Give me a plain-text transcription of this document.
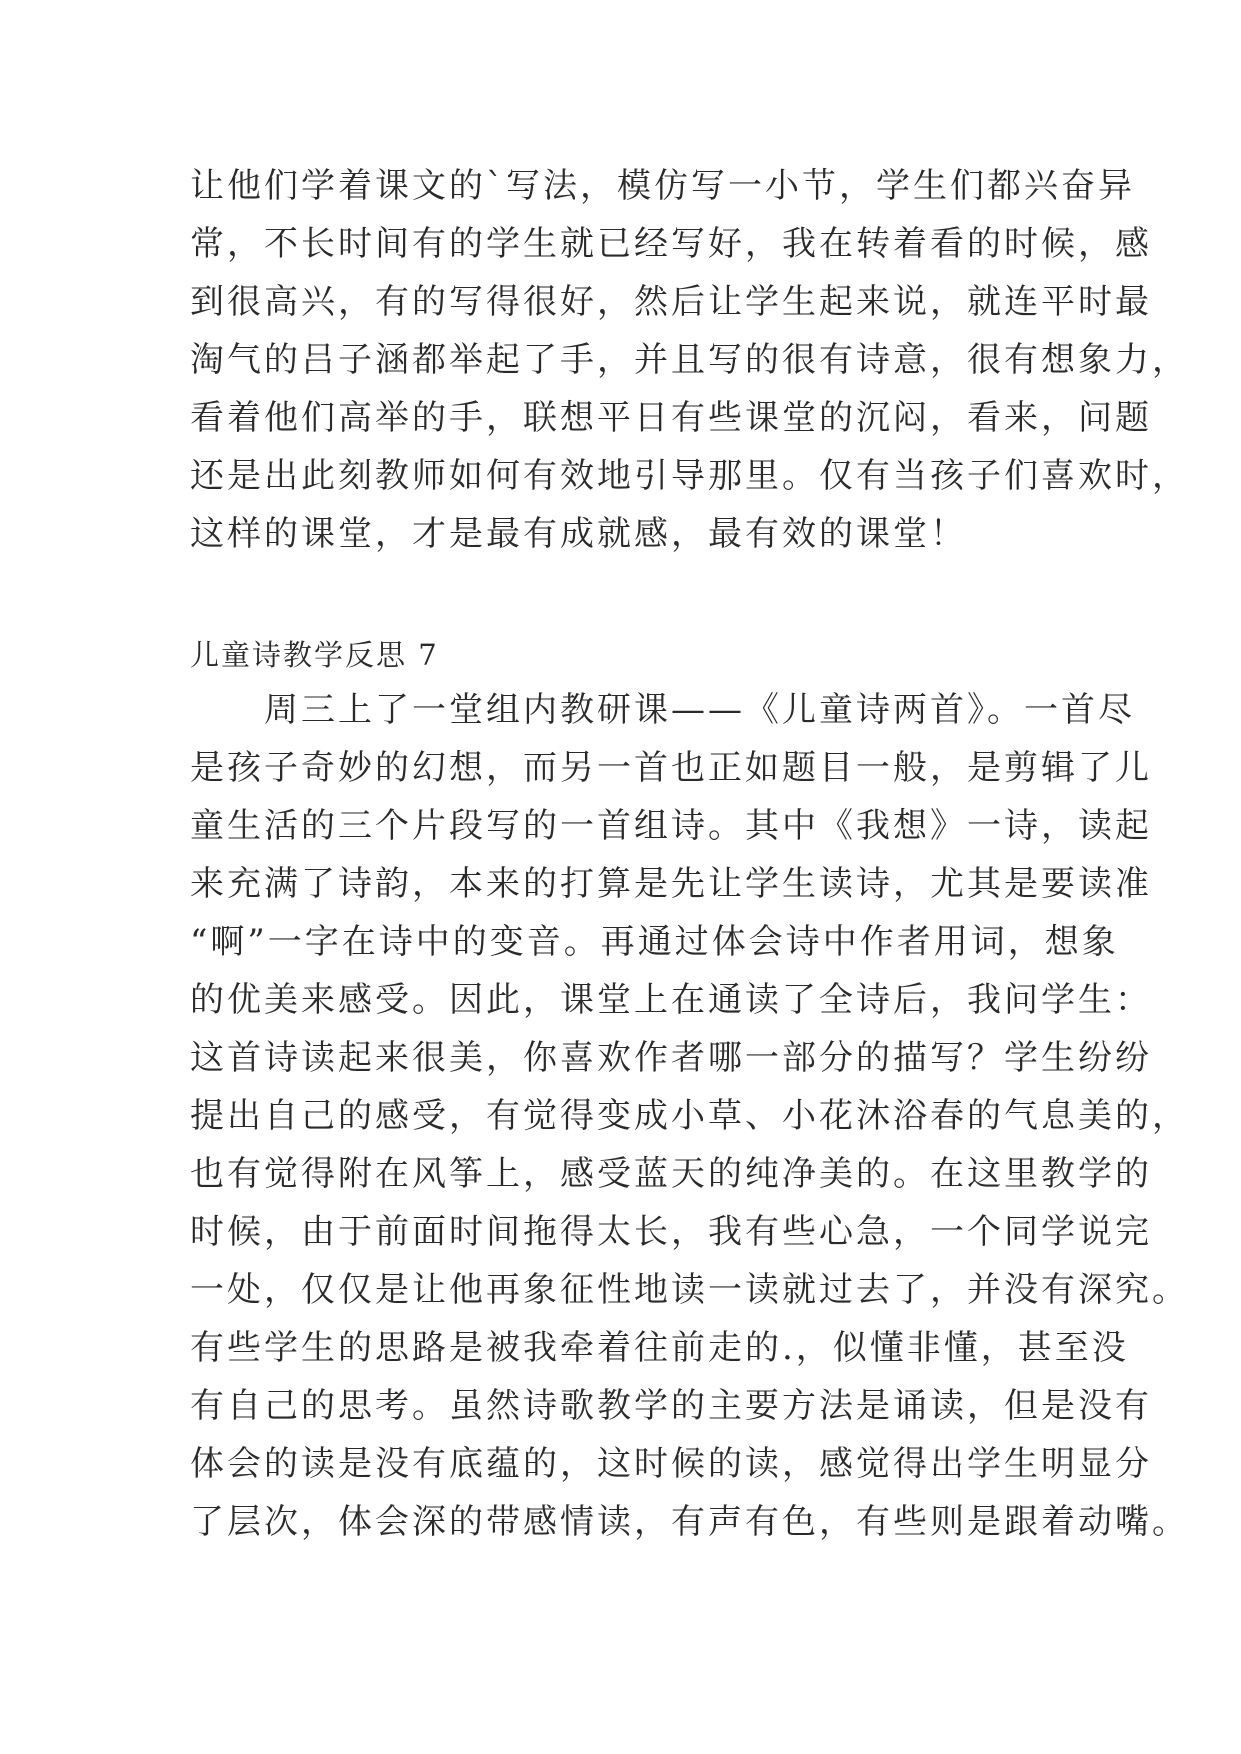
让他们学着课文的`写法，模仿写一小节，学生们都兴奋异
常，不长时间有的学生就已经写好，我在转着看的时候，感
到很高兴，有的写得很好，然后让学生起来说，就连平时最
淘气的吕子涵都举起了手，并且写的很有诗意，很有想象力，
看着他们高举的手，联想平日有些课堂的沉闷，看来，问题
还是出此刻教师如何有效地引导那里。仅有当孩子们喜欢时，
这样的课堂，才是最有成就感，最有效的课堂！
儿童诗教学反思 7
　　周三上了一堂组内教研课——《儿童诗两首》。一首尽
是孩子奇妙的幻想，而另一首也正如题目一般，是剪辑了儿
童生活的三个片段写的一首组诗。其中《我想》一诗，读起
来充满了诗韵，本来的打算是先让学生读诗，尤其是要读准
“啊”一字在诗中的变音。再通过体会诗中作者用词，想象
的优美来感受。因此，课堂上在通读了全诗后，我问学生：
这首诗读起来很美，你喜欢作者哪一部分的描写？学生纷纷
提出自己的感受，有觉得变成小草、小花沐浴春的气息美的，
也有觉得附在风筝上，感受蓝天的纯净美的。在这里教学的
时候，由于前面时间拖得太长，我有些心急，一个同学说完
一处，仅仅是让他再象征性地读一读就过去了，并没有深究。
有些学生的思路是被我牵着往前走的.，似懂非懂，甚至没
有自己的思考。虽然诗歌教学的主要方法是诵读，但是没有
体会的读是没有底蕴的，这时候的读，感觉得出学生明显分
了层次，体会深的带感情读，有声有色，有些则是跟着动嘴。
